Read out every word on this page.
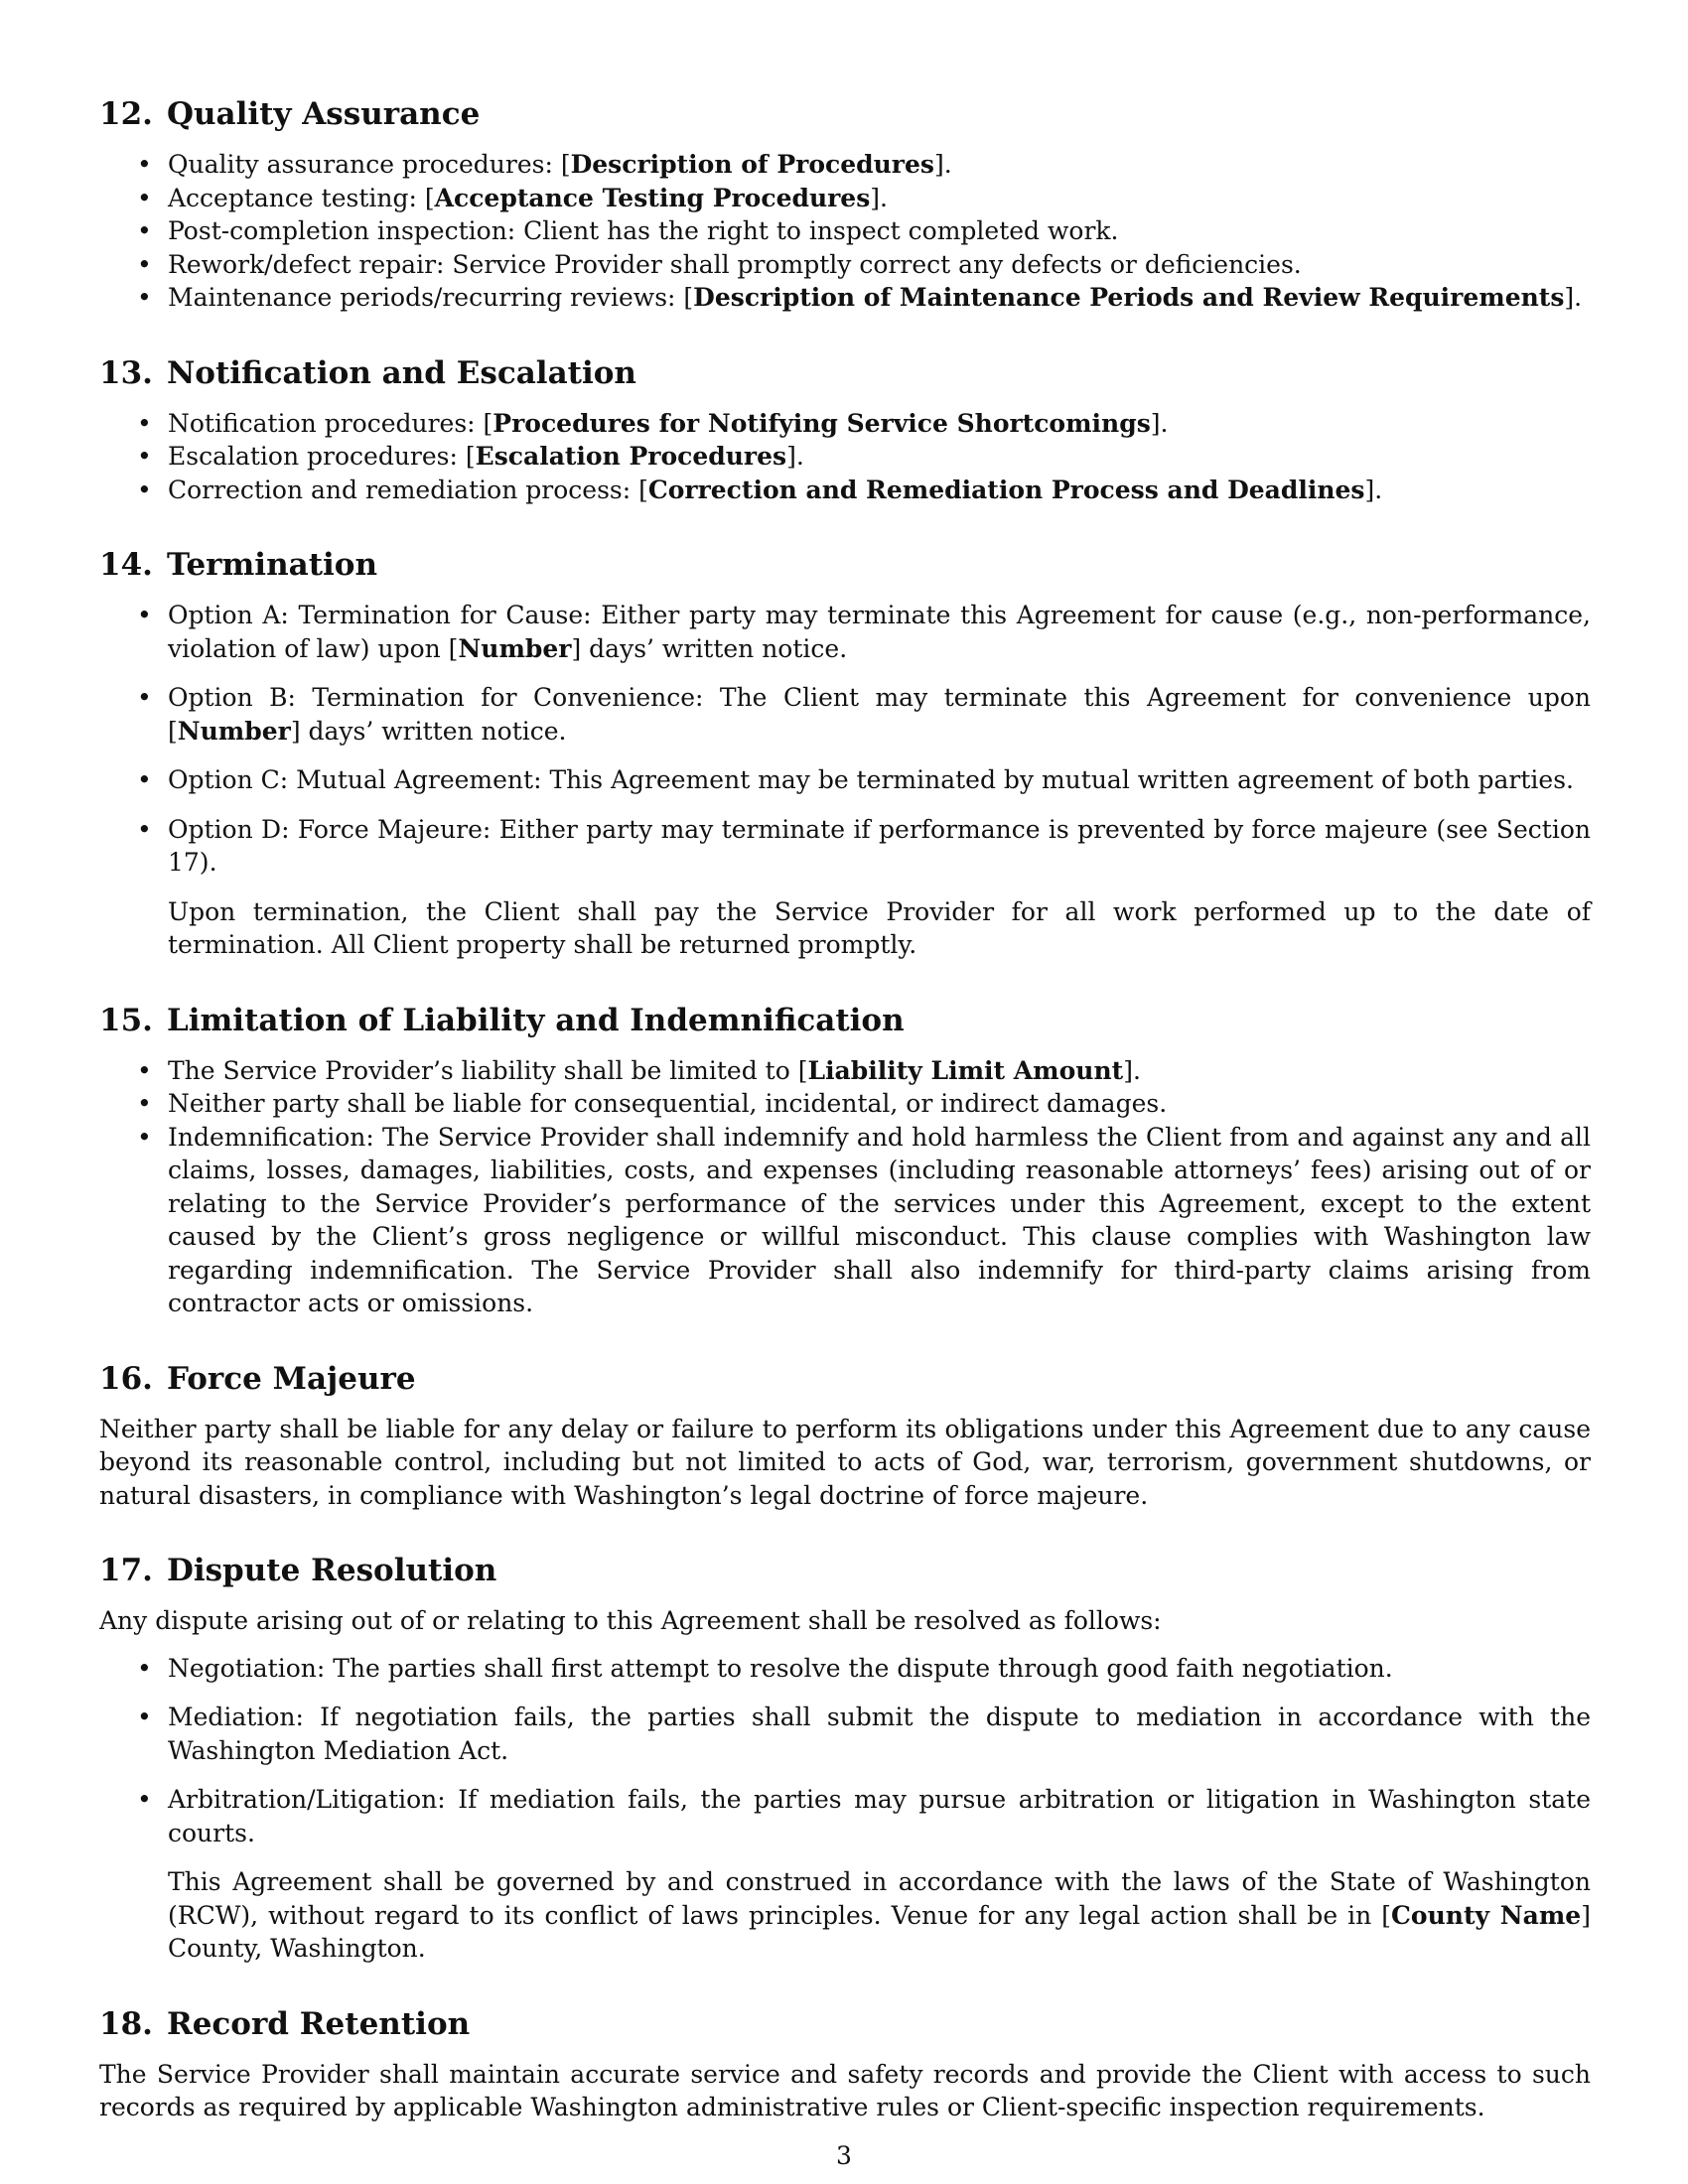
12. Quality Assurance
• Quality assurance procedures: [Description of Procedures].
• Acceptance testing: [Acceptance Testing Procedures].
• Post-completion inspection: Client has the right to inspect completed work.
• Rework/defect repair: Service Provider shall promptly correct any defects or deficiencies.
• Maintenance periods/recurring reviews: [Description of Maintenance Periods and Review Requirements].
13. Notification and Escalation
• Notification procedures: [Procedures for Notifying Service Shortcomings].
• Escalation procedures: [Escalation Procedures].
• Correction and remediation process: [Correction and Remediation Process and Deadlines].
14. Termination
• Option A: Termination for Cause: Either party may terminate this Agreement for cause (e.g., non-performance, violation of law) upon [Number] days’ written notice.
• Option B: Termination for Convenience: The Client may terminate this Agreement for convenience upon [Number] days’ written notice.
• Option C: Mutual Agreement: This Agreement may be terminated by mutual written agreement of both parties.
• Option D: Force Majeure: Either party may terminate if performance is prevented by force majeure (see Section 17).

Upon termination, the Client shall pay the Service Provider for all work performed up to the date of termination. All Client property shall be returned promptly.

15. Limitation of Liability and Indemnification
• The Service Provider’s liability shall be limited to [Liability Limit Amount].
• Neither party shall be liable for consequential, incidental, or indirect damages.
• Indemnification: The Service Provider shall indemnify and hold harmless the Client from and against any and all claims, losses, damages, liabilities, costs, and expenses (including reasonable attorneys’ fees) arising out of or relating to the Service Provider’s performance of the services under this Agreement, except to the extent caused by the Client’s gross negligence or willful misconduct. This clause complies with Washington law regarding indemnification. The Service Provider shall also indemnify for third-party claims arising from contractor acts or omissions.
16. Force Majeure

Neither party shall be liable for any delay or failure to perform its obligations under this Agreement due to any cause beyond its reasonable control, including but not limited to acts of God, war, terrorism, government shutdowns, or natural disasters, in compliance with Washington’s legal doctrine of force majeure.

17. Dispute Resolution

Any dispute arising out of or relating to this Agreement shall be resolved as follows:

• Negotiation: The parties shall first attempt to resolve the dispute through good faith negotiation.
• Mediation: If negotiation fails, the parties shall submit the dispute to mediation in accordance with the Washington Mediation Act.
• Arbitration/Litigation: If mediation fails, the parties may pursue arbitration or litigation in Washington state courts.

This Agreement shall be governed by and construed in accordance with the laws of the State of Washington (RCW), without regard to its conflict of laws principles. Venue for any legal action shall be in [County Name] County, Washington.

18. Record Retention

The Service Provider shall maintain accurate service and safety records and provide the Client with access to such records as required by applicable Washington administrative rules or Client-specific inspection requirements.

3
